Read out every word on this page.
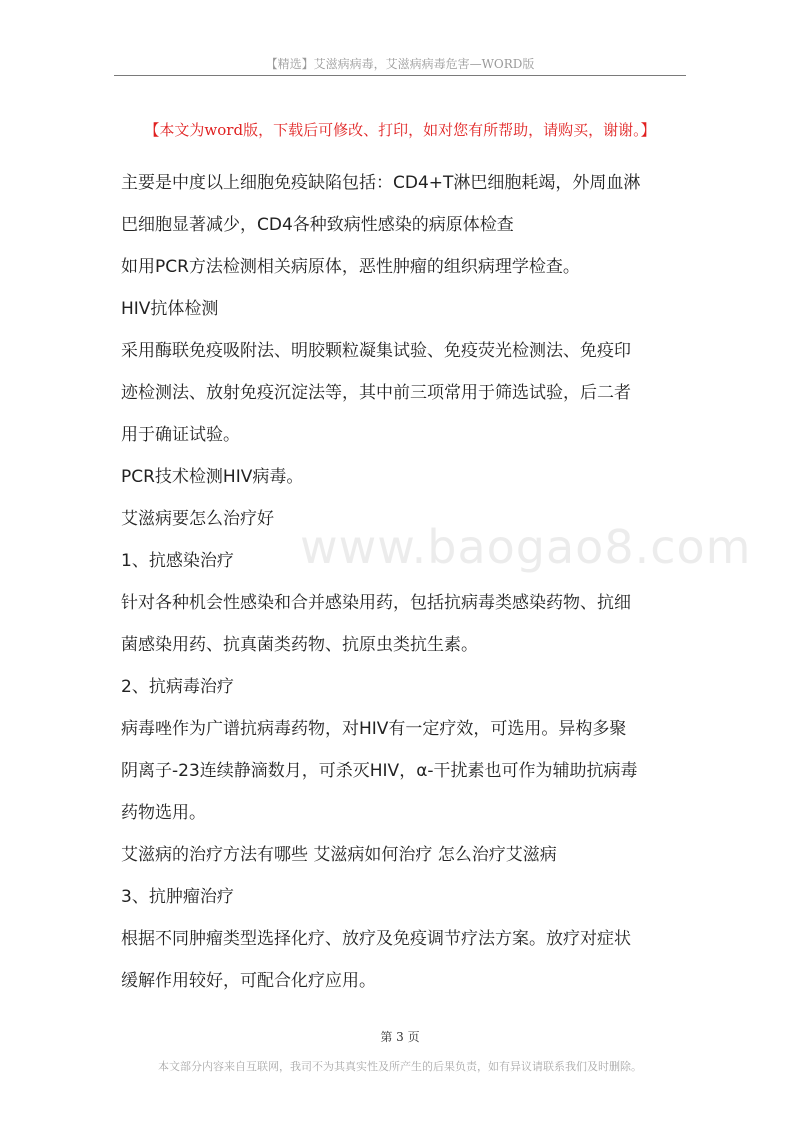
【精选】艾滋病病毒，艾滋病病毒危害—WORD版
【本文为word版，下载后可修改、打印，如对您有所帮助，请购买，谢谢。】
www.baogao8.com

主要是中度以上细胞免疫缺陷包括：CD4+T淋巴细胞耗竭，外周血淋

巴细胞显著减少，CD4各种致病性感染的病原体检查

如用PCR方法检测相关病原体，恶性肿瘤的组织病理学检查。

HIV抗体检测

采用酶联免疫吸附法、明胶颗粒凝集试验、免疫荧光检测法、免疫印

迹检测法、放射免疫沉淀法等，其中前三项常用于筛选试验，后二者

用于确证试验。

PCR技术检测HIV病毒。

艾滋病要怎么治疗好

1、抗感染治疗

针对各种机会性感染和合并感染用药，包括抗病毒类感染药物、抗细

菌感染用药、抗真菌类药物、抗原虫类抗生素。

2、抗病毒治疗

病毒唑作为广谱抗病毒药物，对HIV有一定疗效，可选用。异构多聚

阴离子-23连续静滴数月，可杀灭HIV，α-干扰素也可作为辅助抗病毒

药物选用。

艾滋病的治疗方法有哪些 艾滋病如何治疗 怎么治疗艾滋病

3、抗肿瘤治疗

根据不同肿瘤类型选择化疗、放疗及免疫调节疗法方案。放疗对症状

缓解作用较好，可配合化疗应用。

第 3 页
本文部分内容来自互联网，我司不为其真实性及所产生的后果负责，如有异议请联系我们及时删除。
